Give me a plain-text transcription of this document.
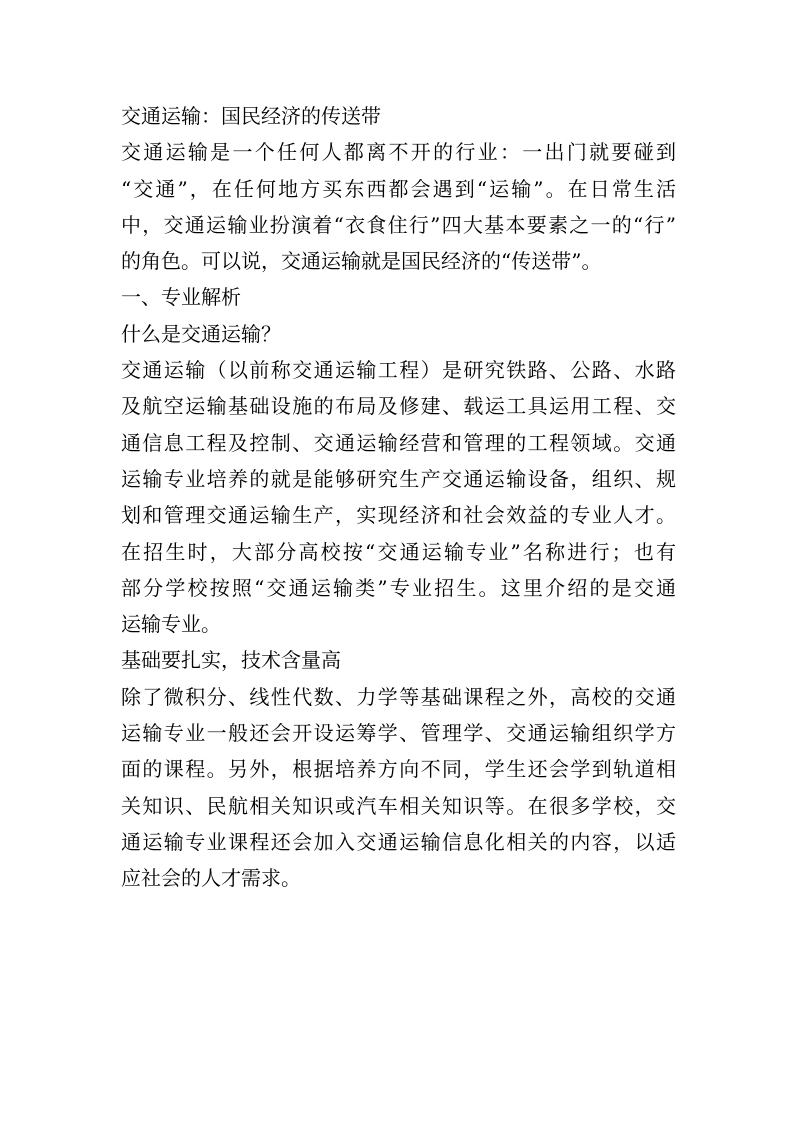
交通运输：国民经济的传送带
交通运输是一个任何人都离不开的行业：一出门就要碰到
“交通”，在任何地方买东西都会遇到“运输”。在日常生活
中，交通运输业扮演着“衣食住行”四大基本要素之一的“行”
的角色。可以说，交通运输就是国民经济的“传送带”。
一、专业解析
什么是交通运输？
交通运输（以前称交通运输工程）是研究铁路、公路、水路
及航空运输基础设施的布局及修建、载运工具运用工程、交
通信息工程及控制、交通运输经营和管理的工程领域。交通
运输专业培养的就是能够研究生产交通运输设备，组织、规
划和管理交通运输生产，实现经济和社会效益的专业人才。
在招生时，大部分高校按“交通运输专业”名称进行；也有
部分学校按照“交通运输类”专业招生。这里介绍的是交通
运输专业。
基础要扎实，技术含量高
除了微积分、线性代数、力学等基础课程之外，高校的交通
运输专业一般还会开设运筹学、管理学、交通运输组织学方
面的课程。另外，根据培养方向不同，学生还会学到轨道相
关知识、民航相关知识或汽车相关知识等。在很多学校，交
通运输专业课程还会加入交通运输信息化相关的内容，以适
应社会的人才需求。
